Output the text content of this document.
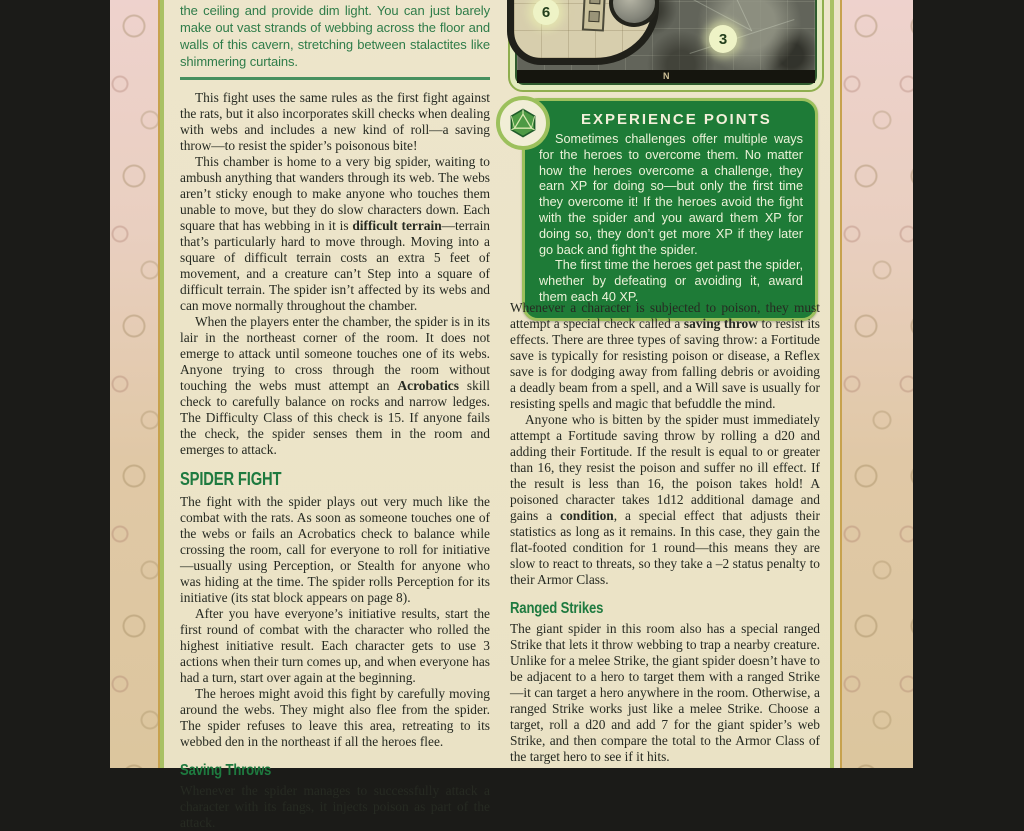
the ceiling and provide dim light. You can just barely make out vast strands of webbing across the floor and walls of this cavern, stretching between stalactites like shimmering curtains.

This fight uses the same rules as the first fight against the rats, but it also incorporates skill checks when dealing with webs and includes a new kind of roll—a saving throw—to resist the spider’s poisonous bite!

This chamber is home to a very big spider, waiting to ambush anything that wanders through its web. The webs aren’t sticky enough to make anyone who touches them unable to move, but they do slow characters down. Each square that has webbing in it is difficult terrain—terrain that’s particularly hard to move through. Moving into a square of difficult terrain costs an extra 5 feet of movement, and a creature can’t Step into a square of difficult terrain. The spider isn’t affected by its webs and can move normally throughout the chamber.

When the players enter the chamber, the spider is in its lair in the northeast corner of the room. It does not emerge to attack until someone touches one of its webs. Anyone trying to cross through the room without touching the webs must attempt an Acrobatics skill check to carefully balance on rocks and narrow ledges. The Difficulty Class of this check is 15. If anyone fails the check, the spider senses them in the room and emerges to attack.

SPIDER FIGHT

The fight with the spider plays out very much like the combat with the rats. As soon as someone touches one of the webs or fails an Acrobatics check to balance while crossing the room, call for everyone to roll for initiative—usually using Perception, or Stealth for anyone who was hiding at the time. The spider rolls Perception for its initiative (its stat block appears on page 8).

After you have everyone’s initiative results, start the first round of combat with the character who rolled the highest initiative result. Each character gets to use 3 actions when their turn comes up, and when everyone has had a turn, start over again at the beginning.

The heroes might avoid this fight by carefully moving around the webs. They might also flee from the spider. The spider refuses to leave this area, retreating to its webbed den in the northeast if all the heroes flee.

Saving Throws

Whenever the spider manages to successfully attack a character with its fangs, it injects poison as part of the attack.

6
3
N
EXPERIENCE POINTS

Sometimes challenges offer multiple ways for the heroes to overcome them. No matter how the heroes overcome a challenge, they earn XP for doing so—but only the first time they overcome it! If the heroes avoid the fight with the spider and you award them XP for doing so, they don’t get more XP if they later go back and fight the spider.

The first time the heroes get past the spider, whether by defeating or avoiding it, award them each 40 XP.

Whenever a character is subjected to poison, they must attempt a special check called a saving throw to resist its effects. There are three types of saving throw: a Fortitude save is typically for resisting poison or disease, a Reflex save is for dodging away from falling debris or avoiding a deadly beam from a spell, and a Will save is usually for resisting spells and magic that befuddle the mind.

Anyone who is bitten by the spider must immediately attempt a Fortitude saving throw by rolling a d20 and adding their Fortitude. If the result is equal to or greater than 16, they resist the poison and suffer no ill effect. If the result is less than 16, the poison takes hold! A poisoned character takes 1d12 additional damage and gains a condition, a special effect that adjusts their statistics as long as it remains. In this case, they gain the flat-footed condition for 1 round—this means they are slow to react to threats, so they take a –2 status penalty to their Armor Class.

Ranged Strikes

The giant spider in this room also has a special ranged Strike that lets it throw webbing to trap a nearby creature. Unlike for a melee Strike, the giant spider doesn’t have to be adjacent to a hero to target them with a ranged Strike—it can target a hero anywhere in the room. Otherwise, a ranged Strike works just like a melee Strike. Choose a target, roll a d20 and add 7 for the giant spider’s web Strike, and then compare the total to the Armor Class of the target hero to see if it hits.
